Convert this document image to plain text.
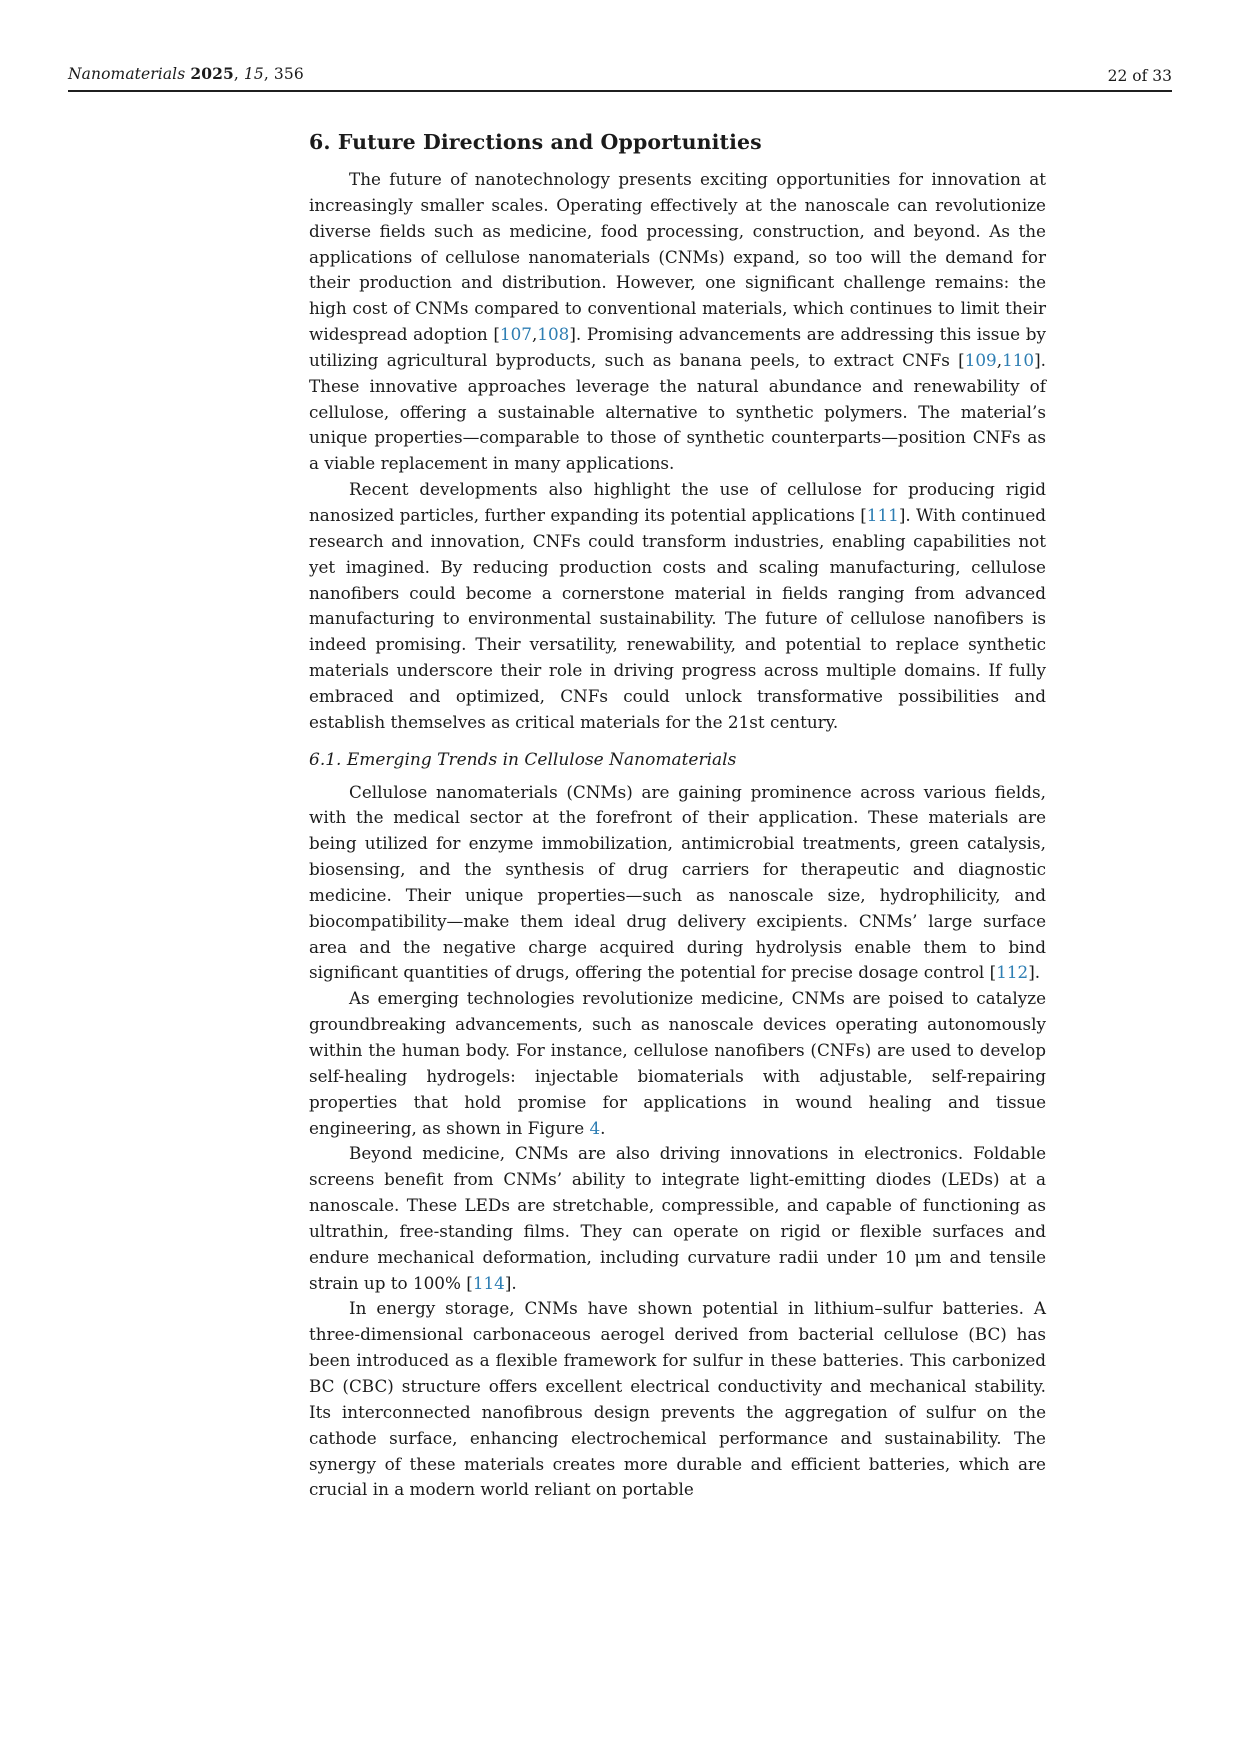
Nanomaterials 2025, 15, 356	22 of 33
6. Future Directions and Opportunities

The future of nanotechnology presents exciting opportunities for innovation at increasingly smaller scales. Operating effectively at the nanoscale can revolutionize diverse fields such as medicine, food processing, construction, and beyond. As the applications of cellulose nanomaterials (CNMs) expand, so too will the demand for their production and distribution. However, one significant challenge remains: the high cost of CNMs compared to conventional materials, which continues to limit their widespread adoption [107,108]. Promising advancements are addressing this issue by utilizing agricultural byproducts, such as banana peels, to extract CNFs [109,110]. These innovative approaches leverage the natural abundance and renewability of cellulose, offering a sustainable alternative to synthetic polymers. The material’s unique properties—comparable to those of synthetic counterparts—position CNFs as a viable replacement in many applications.

Recent developments also highlight the use of cellulose for producing rigid nanosized particles, further expanding its potential applications [111]. With continued research and innovation, CNFs could transform industries, enabling capabilities not yet imagined. By reducing production costs and scaling manufacturing, cellulose nanofibers could become a cornerstone material in fields ranging from advanced manufacturing to environmental sustainability. The future of cellulose nanofibers is indeed promising. Their versatility, renewability, and potential to replace synthetic materials underscore their role in driving progress across multiple domains. If fully embraced and optimized, CNFs could unlock transformative possibilities and establish themselves as critical materials for the 21st century.

6.1. Emerging Trends in Cellulose Nanomaterials

Cellulose nanomaterials (CNMs) are gaining prominence across various fields, with the medical sector at the forefront of their application. These materials are being utilized for enzyme immobilization, antimicrobial treatments, green catalysis, biosensing, and the synthesis of drug carriers for therapeutic and diagnostic medicine. Their unique properties—such as nanoscale size, hydrophilicity, and biocompatibility—make them ideal drug delivery excipients. CNMs’ large surface area and the negative charge acquired during hydrolysis enable them to bind significant quantities of drugs, offering the potential for precise dosage control [112].

As emerging technologies revolutionize medicine, CNMs are poised to catalyze groundbreaking advancements, such as nanoscale devices operating autonomously within the human body. For instance, cellulose nanofibers (CNFs) are used to develop self-healing hydrogels: injectable biomaterials with adjustable, self-repairing properties that hold promise for applications in wound healing and tissue engineering, as shown in Figure 4.

Beyond medicine, CNMs are also driving innovations in electronics. Foldable screens benefit from CNMs’ ability to integrate light-emitting diodes (LEDs) at a nanoscale. These LEDs are stretchable, compressible, and capable of functioning as ultrathin, free-standing films. They can operate on rigid or flexible surfaces and endure mechanical deformation, including curvature radii under 10 μm and tensile strain up to 100% [114].

In energy storage, CNMs have shown potential in lithium–sulfur batteries. A three-dimensional carbonaceous aerogel derived from bacterial cellulose (BC) has been introduced as a flexible framework for sulfur in these batteries. This carbonized BC (CBC) structure offers excellent electrical conductivity and mechanical stability. Its interconnected nanofibrous design prevents the aggregation of sulfur on the cathode surface, enhancing electrochemical performance and sustainability. The synergy of these materials creates more durable and efficient batteries, which are crucial in a modern world reliant on portable
